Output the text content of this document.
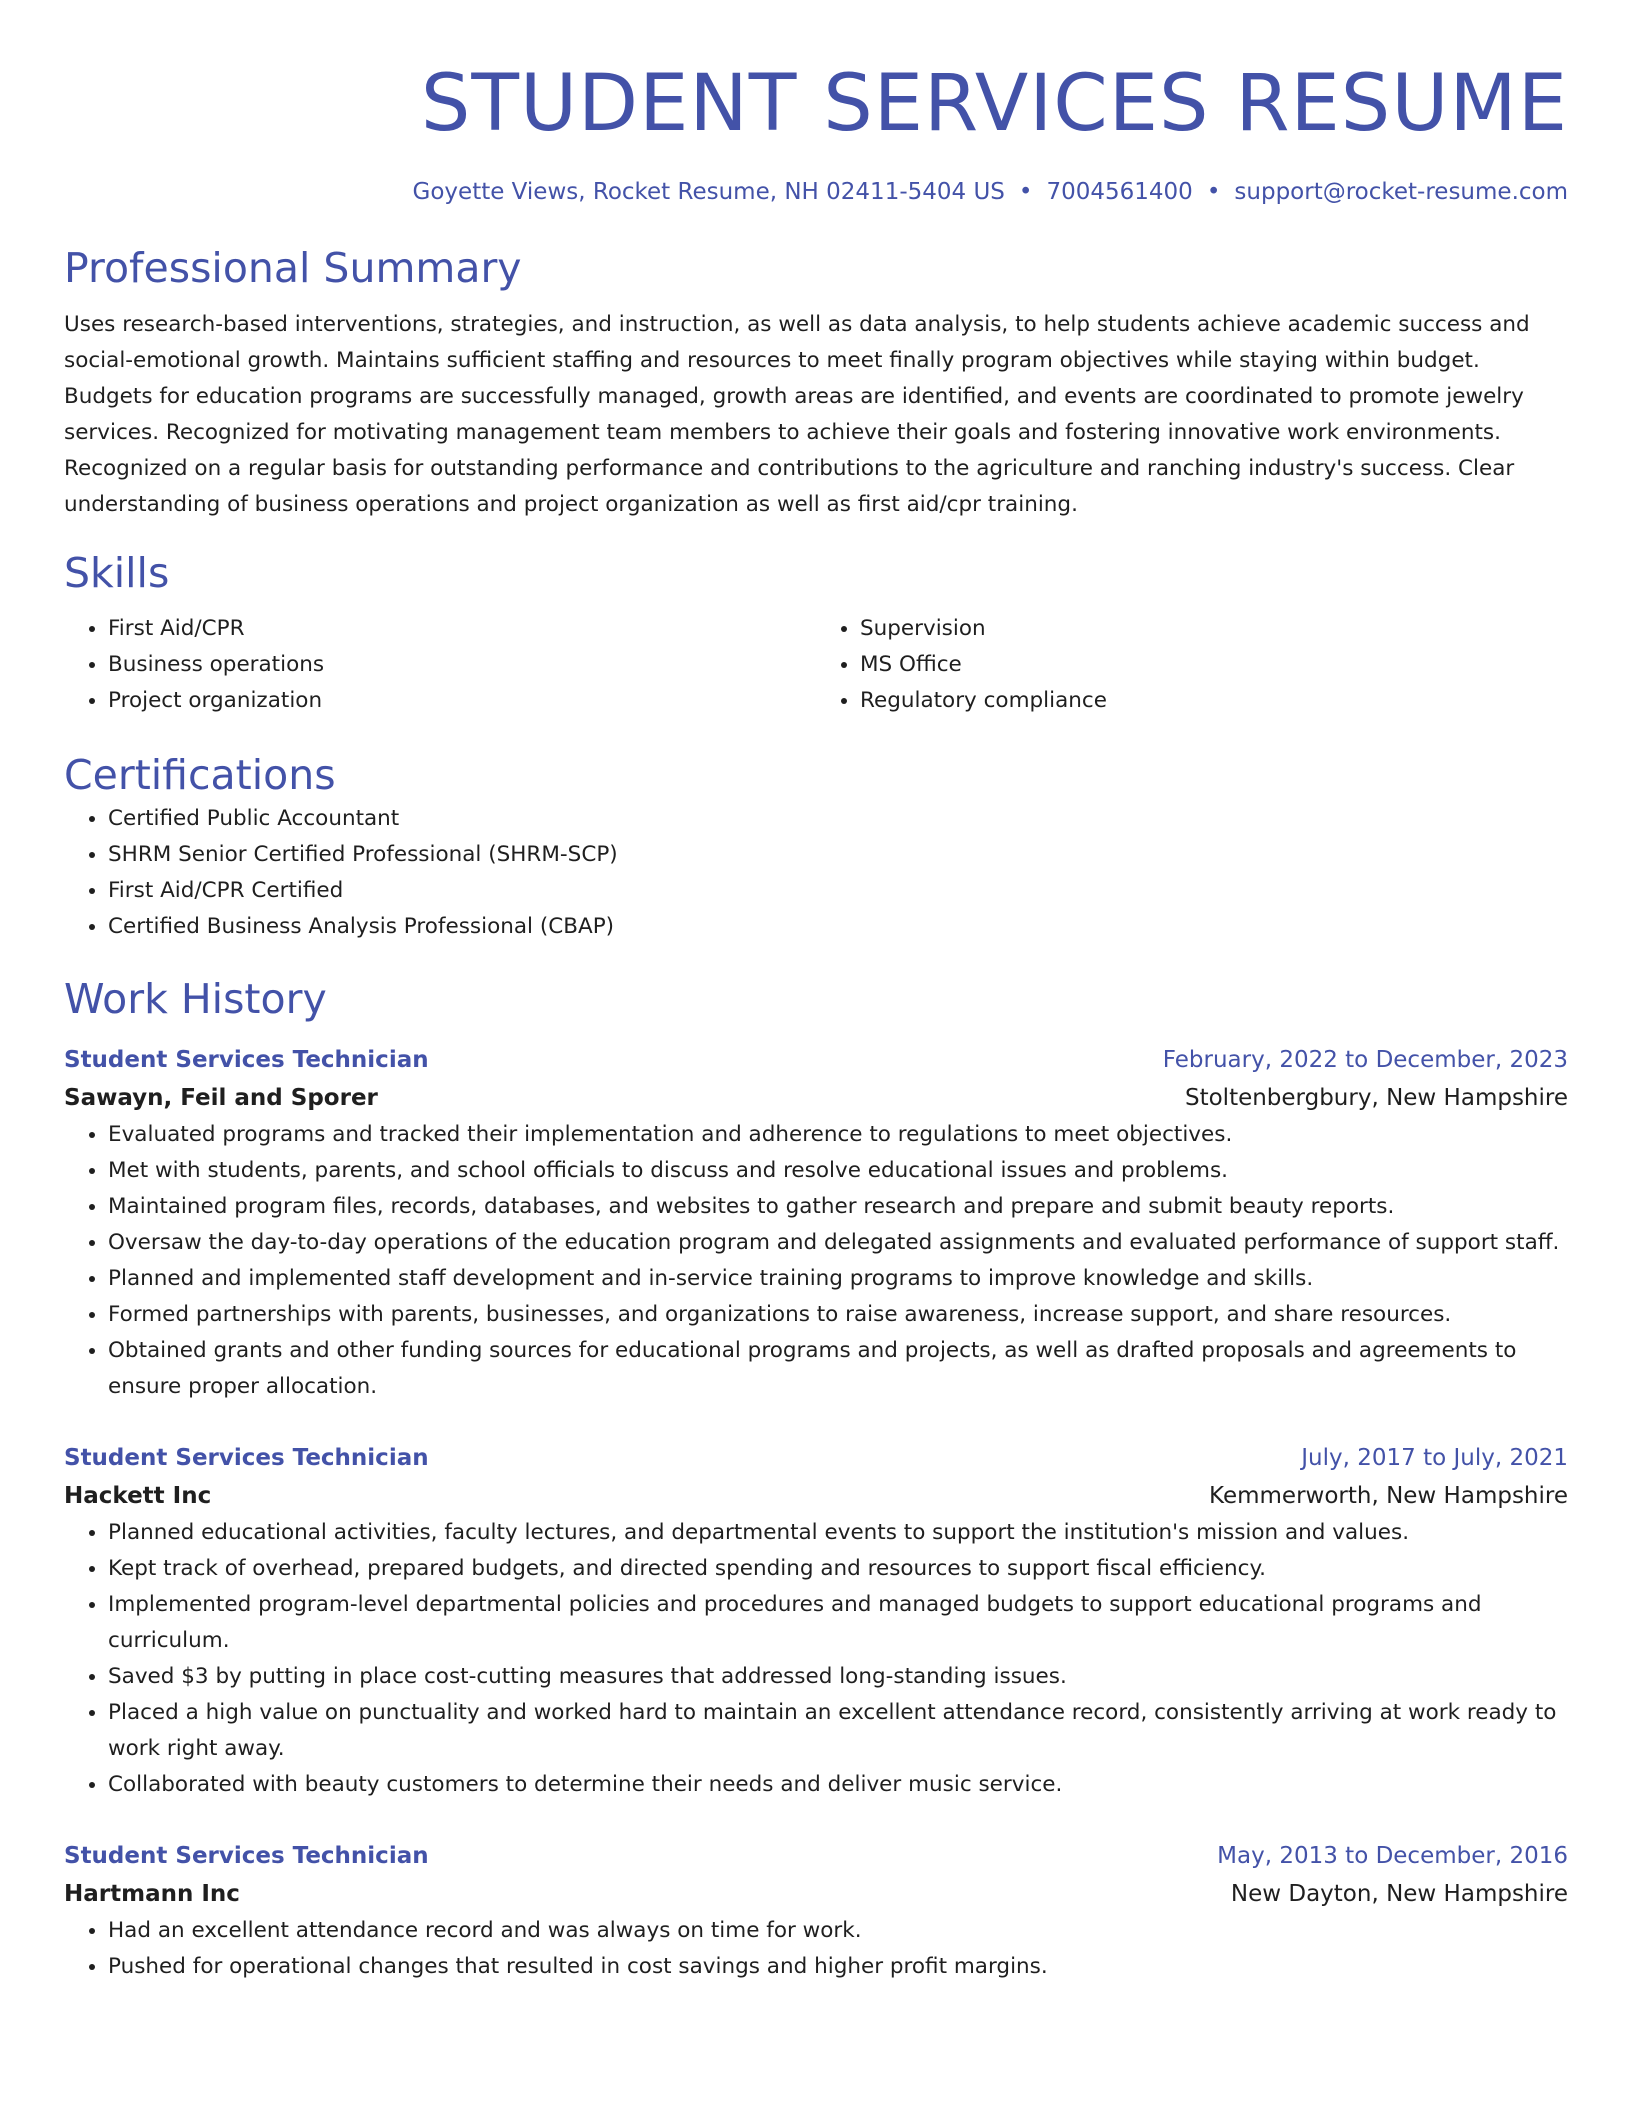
STUDENT SERVICES RESUME
Goyette Views, Rocket Resume, NH 02411-5404 US • 7004561400 • support@rocket-resume.com
Professional Summary

Uses research-based interventions, strategies, and instruction, as well as data analysis, to help students achieve academic success and social-emotional growth. Maintains sufficient staffing and resources to meet finally program objectives while staying within budget. Budgets for education programs are successfully managed, growth areas are identified, and events are coordinated to promote jewelry services. Recognized for motivating management team members to achieve their goals and fostering innovative work environments. Recognized on a regular basis for outstanding performance and contributions to the agriculture and ranching industry's success. Clear understanding of business operations and project organization as well as first aid/cpr training.

Skills
• First Aid/CPR
• Business operations
• Project organization
• Supervision
• MS Office
• Regulatory compliance
Certifications
• Certified Public Accountant
• SHRM Senior Certified Professional (SHRM-SCP)
• First Aid/CPR Certified
• Certified Business Analysis Professional (CBAP)
Work History
Student Services Technician	February, 2022 to December, 2023
Sawayn, Feil and Sporer	Stoltenbergbury, New Hampshire
• Evaluated programs and tracked their implementation and adherence to regulations to meet objectives.
• Met with students, parents, and school officials to discuss and resolve educational issues and problems.
• Maintained program files, records, databases, and websites to gather research and prepare and submit beauty reports.
• Oversaw the day-to-day operations of the education program and delegated assignments and evaluated performance of support staff.
• Planned and implemented staff development and in-service training programs to improve knowledge and skills.
• Formed partnerships with parents, businesses, and organizations to raise awareness, increase support, and share resources.
• Obtained grants and other funding sources for educational programs and projects, as well as drafted proposals and agreements to ensure proper allocation.
Student Services Technician	July, 2017 to July, 2021
Hackett Inc	Kemmerworth, New Hampshire
• Planned educational activities, faculty lectures, and departmental events to support the institution's mission and values.
• Kept track of overhead, prepared budgets, and directed spending and resources to support fiscal efficiency.
• Implemented program-level departmental policies and procedures and managed budgets to support educational programs and curriculum.
• Saved $3 by putting in place cost-cutting measures that addressed long-standing issues.
• Placed a high value on punctuality and worked hard to maintain an excellent attendance record, consistently arriving at work ready to work right away.
• Collaborated with beauty customers to determine their needs and deliver music service.
Student Services Technician	May, 2013 to December, 2016
Hartmann Inc	New Dayton, New Hampshire
• Had an excellent attendance record and was always on time for work.
• Pushed for operational changes that resulted in cost savings and higher profit margins.
